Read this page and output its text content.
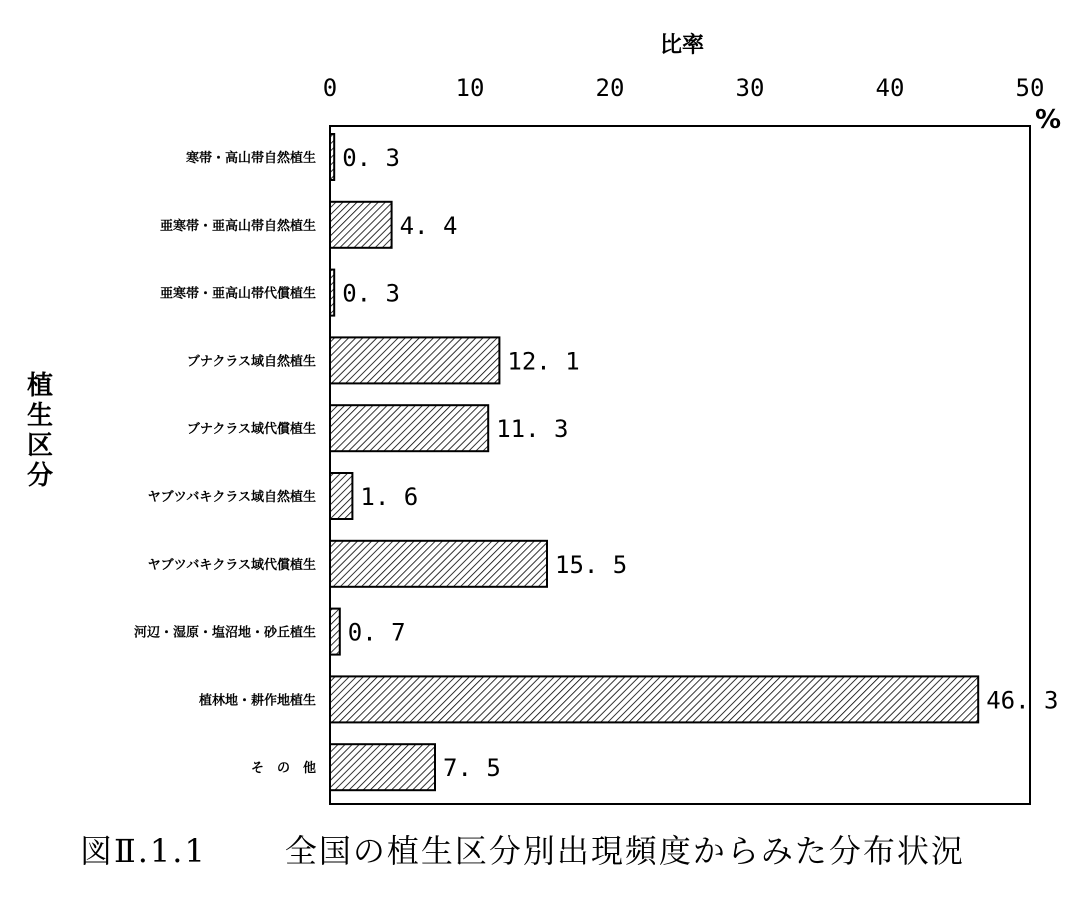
比率
0	10	20	30	40	50
%
植
生
区
分
寒帯・高山帯自然植生
亜寒帯・亜高山帯自然植生
亜寒帯・亜高山帯代償植生
ブナクラス域自然植生
ブナクラス域代償植生
ヤブツバキクラス域自然植生
ヤブツバキクラス域代償植生
河辺・湿原・塩沼地・砂丘植生
植林地・耕作地植生
そ　の　他
0. 3
4. 4
0. 3
12. 1
11. 3
1. 6
15. 5
0. 7
46. 3
7. 5
図Ⅱ.1.1 全国の植生区分別出現頻度からみた分布状況
